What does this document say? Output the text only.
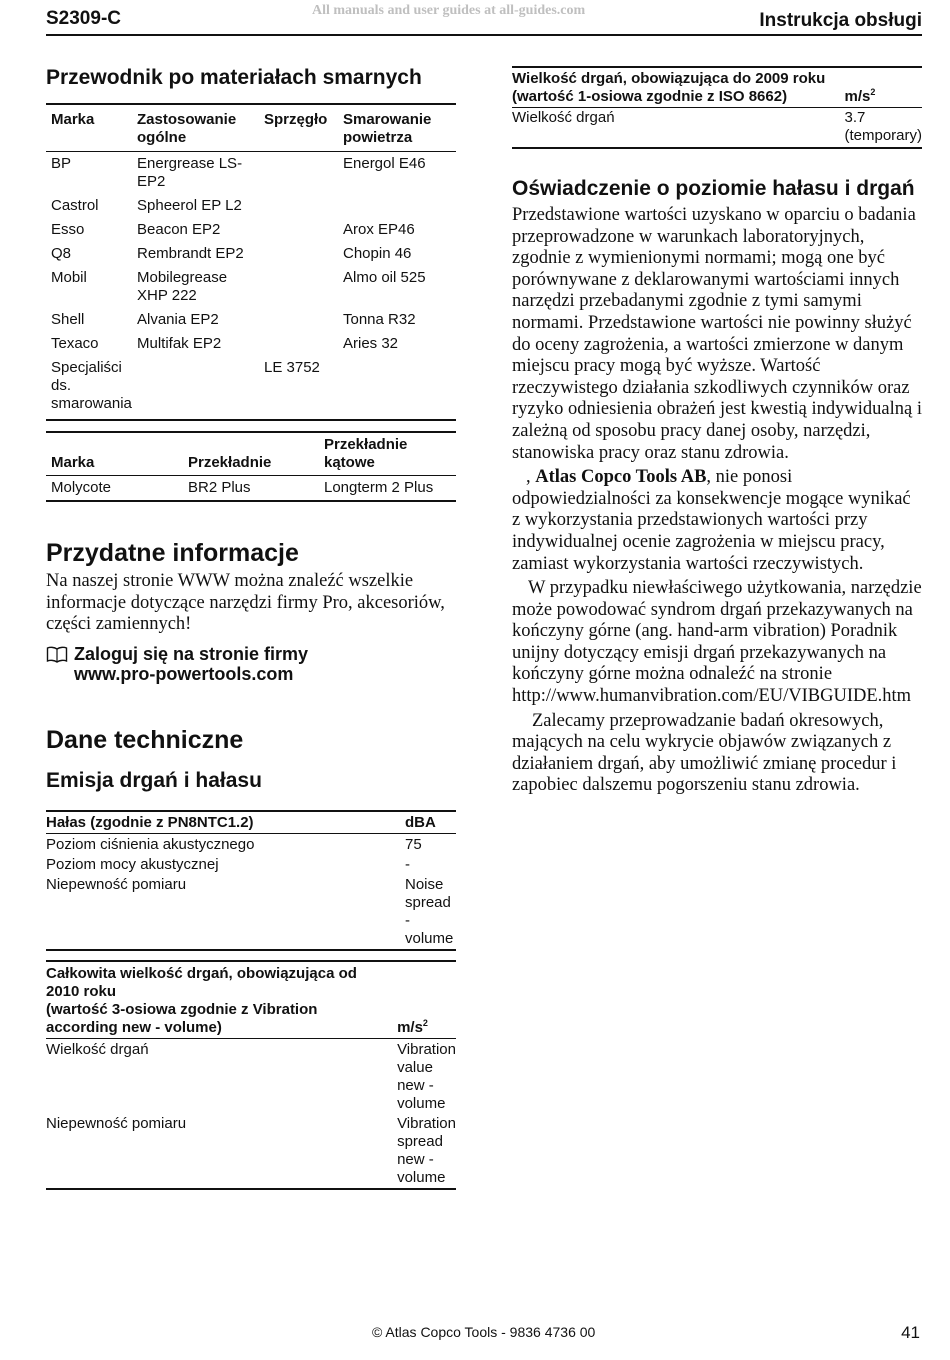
S2309-C	All manuals and user guides at all-guides.com	Instrukcja obsługi
Przewodnik po materiałach smarnych
Marka	Zastosowanie ogólne	Sprzęgło	Smarowanie powietrza
BP	Energrease LS-EP2		Energol E46
Castrol	Spheerol EP L2		
Esso	Beacon EP2		Arox EP46
Q8	Rembrandt EP2		Chopin 46
Mobil	Mobilegrease XHP 222		Almo oil 525
Shell	Alvania EP2		Tonna R32
Texaco	Multifak EP2		Aries 32
Specjaliści ds. smarowania		LE 3752	
Marka	Przekładnie	Przekładnie kątowe
Molycote	BR2 Plus	Longterm 2 Plus
Przydatne informacje
Na naszej stronie WWW można znaleźć wszelkie informacje dotyczące narzędzi firmy Pro, akcesoriów, części zamiennych!
Zaloguj się na stronie firmy
www.pro-powertools.com
Dane techniczne
Emisja drgań i hałasu
Hałas (zgodnie z PN8NTC1.2)	dBA
Poziom ciśnienia akustycznego	75
Poziom mocy akustycznej	-
Niepewność pomiaru	Noise spread - volume
Całkowita wielkość drgań, obowiązująca od 2010 roku
(wartość 3-osiowa zgodnie z Vibration according new - volume)	$m/s^2$
Wielkość drgań	Vibration value new - volume
Niepewność pomiaru	Vibration spread new - volume
Wielkość drgań, obowiązująca do 2009 roku
(wartość 1-osiowa zgodnie z ISO 8662)	$m/s^2$
Wielkość drgań	3.7 (temporary)
Oświadczenie o poziomie hałasu i drgań

Przedstawione wartości uzyskano w oparciu o badania przeprowadzone w warunkach laboratoryjnych, zgodnie z wymienionymi normami; mogą one być porównywane z deklarowanymi wartościami innych narzędzi przebadanymi zgodnie z tymi samymi normami. Przedstawione wartości nie powinny służyć do oceny zagrożenia, a wartości zmierzone w danym miejscu pracy mogą być wyższe. Wartość rzeczywistego działania szkodliwych czynników oraz ryzyko odniesienia obrażeń jest kwestią indywidualną i zależną od sposobu pracy danej osoby, narzędzi, stanowiska pracy oraz stanu zdrowia.

, Atlas Copco Tools AB, nie ponosi odpowiedzialności za konsekwencje mogące wynikać z wykorzystania przedstawionych wartości przy indywidualnej ocenie zagrożenia w miejscu pracy, zamiast wykorzystania wartości rzeczywistych.

W przypadku niewłaściwego użytkowania, narzędzie może powodować syndrom drgań przekazywanych na kończyny górne (ang. hand-arm vibration) Poradnik unijny dotyczący emisji drgań przekazywanych na kończyny górne można odnaleźć na stronie http://www.humanvibration.com/EU/VIBGUIDE.htm

Zalecamy przeprowadzanie badań okresowych, mających na celu wykrycie objawów związanych z działaniem drgań, aby umożliwić zmianę procedur i zapobiec dalszemu pogorszeniu stanu zdrowia.

© Atlas Copco Tools - 9836 4736 00	41
